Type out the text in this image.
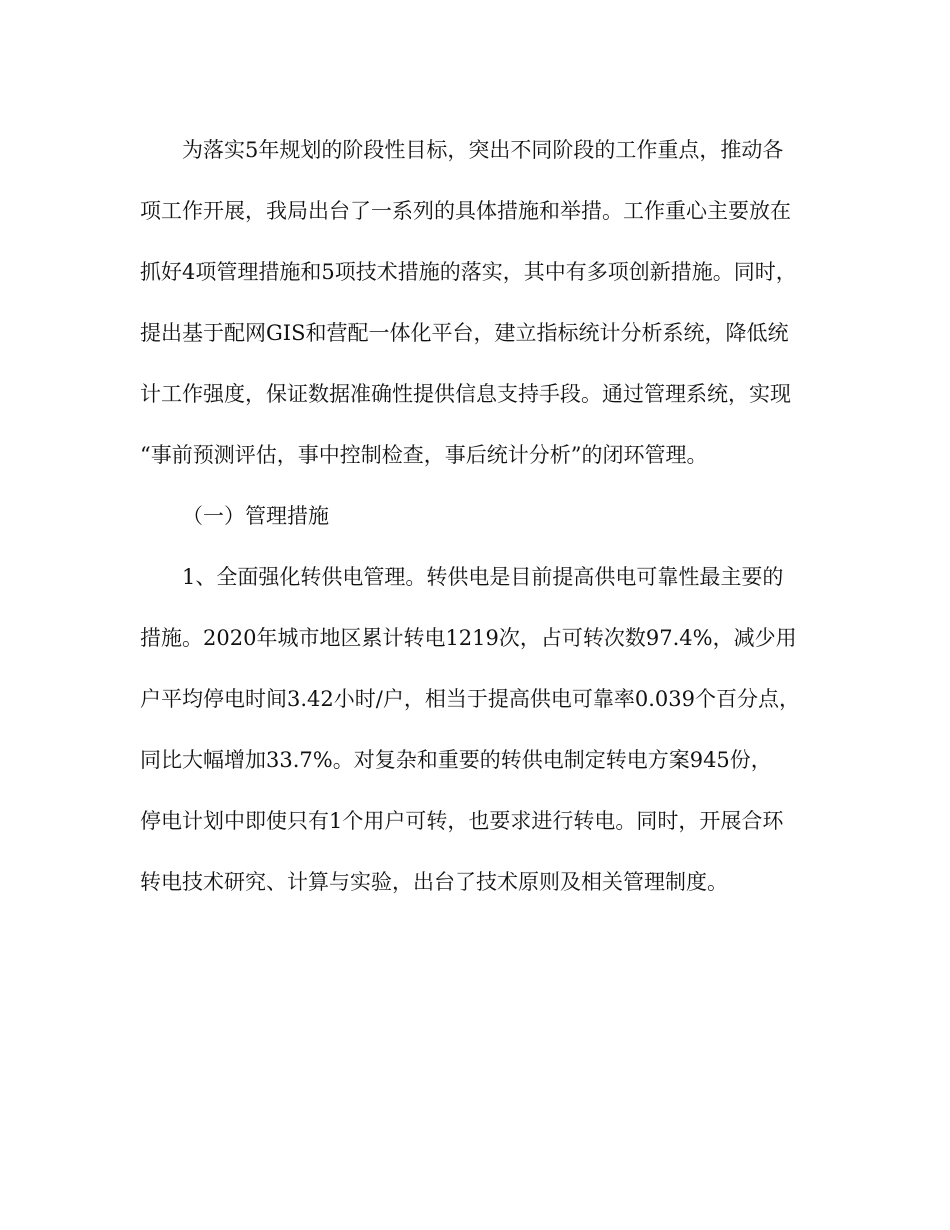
为落实5年规划的阶段性目标，突出不同阶段的工作重点，推动各
项工作开展，我局出台了一系列的具体措施和举措。工作重心主要放在
抓好4项管理措施和5项技术措施的落实，其中有多项创新措施。同时，
提出基于配网GIS和营配一体化平台，建立指标统计分析系统，降低统
计工作强度，保证数据准确性提供信息支持手段。通过管理系统，实现
“事前预测评估，事中控制检查，事后统计分析”的闭环管理。
（一）管理措施
1、全面强化转供电管理。转供电是目前提高供电可靠性最主要的
措施。2020年城市地区累计转电1219次，占可转次数97.4%，减少用
户平均停电时间3.42小时/户，相当于提高供电可靠率0.039个百分点，
同比大幅增加33.7%。对复杂和重要的转供电制定转电方案945份，
停电计划中即使只有1个用户可转，也要求进行转电。同时，开展合环
转电技术研究、计算与实验，出台了技术原则及相关管理制度。
